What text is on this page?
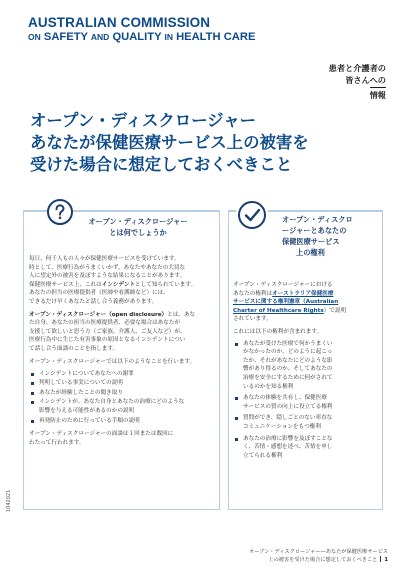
AUSTRALIAN COMMISSION
ON SAFETY AND QUALITY IN HEALTH CARE
患者と介護者の
皆さんへの
情報
オープン・ディスクロージャー
あなたが保健医療サービス上の被害を
受けた場合に想定しておくべきこと
オープン・ディスクロージャー
とは何でしょうか

毎日、何千人もの人々が保健医療サービスを受けています。
時として、医療行為がうまくいかず、あなたやあなたの大切な
人に望定外の被害を及ぼすような結果になることがあります。
保健医療サービス上、これはインシデントとして知られています。
あなたの担当の医療提供者（医師や看護師など）には、
できるだけ早くあなたと話し合う義務があります。

オープン・ディスクロージャー（open disclosure）とは、あな
た自身、あなたの担当の医療提供者、必要な場合はあなたが
支援して欲しいと思う方（ご家族、介護人、ご友人など）が、
医療行為中に生じた有害事象の原因となるインシデントについ
て話し合う面談のことを指します。

オープン・ディスクロージャーでは以下のようなことを行います。

インシデントについてあなたへの謝罪
判明している事実についての説明
あなたが経験したことの聞き取り
インシデントが、あなた自身とあなたの治療にどのような
影響を与える可能性があるのかの説明
再発防止のために行っている手順の説明

オープン・ディスクロージャーの面談は１回または数回に
わたって行われます。

オープン・ディスクロ
ージャーとあなたの
保健医療サービス
上の権利
オープン・ディスクロージャーにおける
あなたの権利はオーストラリア保健医療
サービスに関する権利憲章（Australian
Charter of Healthcare Rights）で説明
されています。
これには以下の権利が含まれます。
あなたが受けた医療で何かうまくい
かなかったのか、どのように起こっ
たか、それがあなたにどのような影
響があり得るのか、そしてあなたの
治療を安全にするために何がされて
いるのかを知る権利
あなたの体験を共有し、保健医療
サービスの質の向上に役立てる権利
質問ができ、隠しごとのない率直な
コミュニケーションをもつ権利
あなたの治療に影響を及ぼすことな
く、苦情・感想を述べ、苦情を申し
立てられる権利
1042021
オープン・ディスクロージャー—あなたが保健医療サービス
上の被害を受けた場合に想定しておくべきこと 1
